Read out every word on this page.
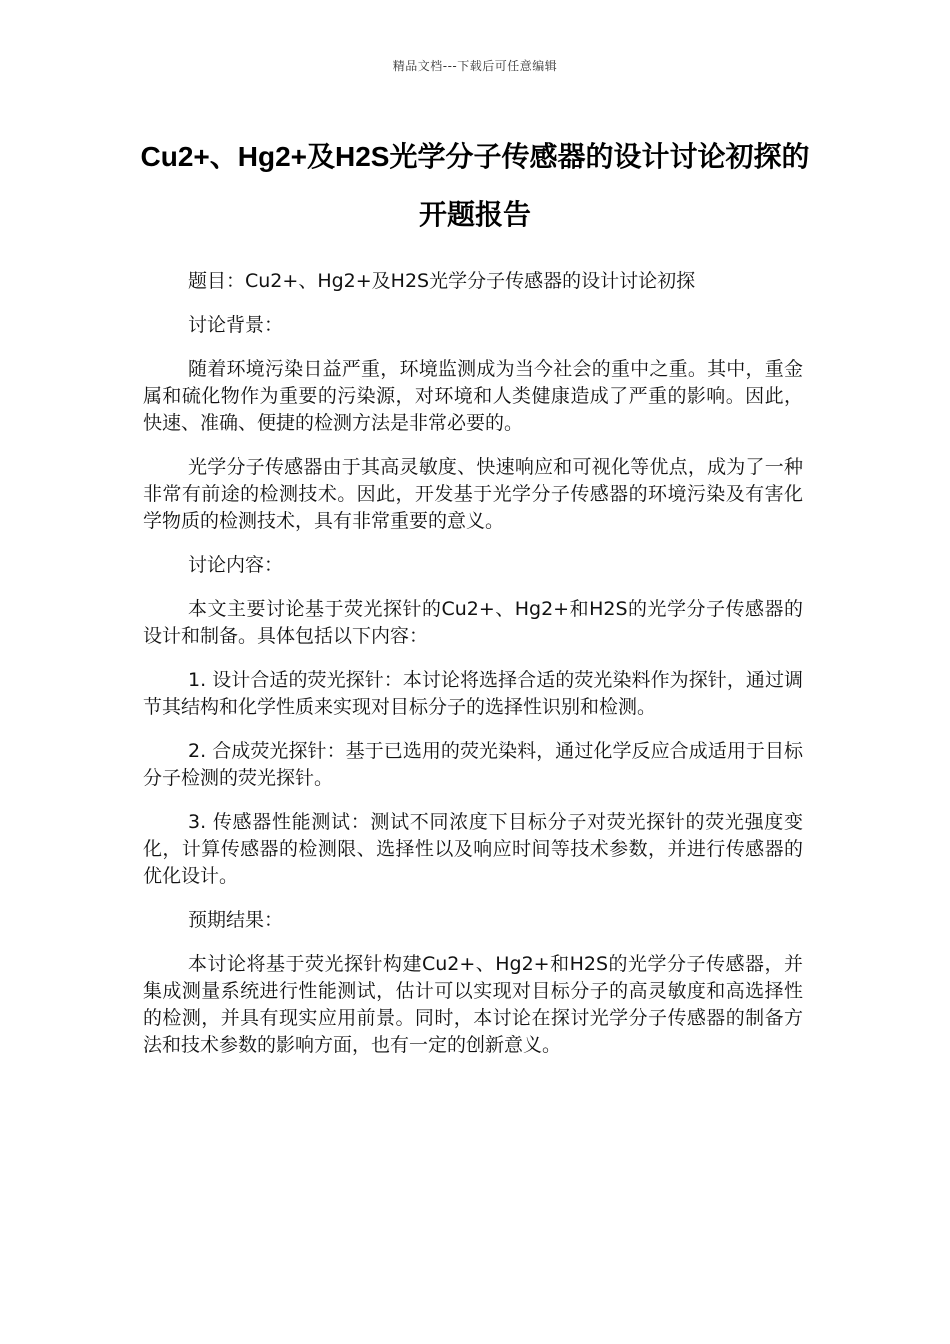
精品文档---下载后可任意编辑
Cu2+、Hg2+及H2S光学分子传感器的设计讨论初探的开题报告

题目：Cu2+、Hg2+及H2S光学分子传感器的设计讨论初探

讨论背景：

随着环境污染日益严重，环境监测成为当今社会的重中之重。其中，重金属和硫化物作为重要的污染源，对环境和人类健康造成了严重的影响。因此，快速、准确、便捷的检测方法是非常必要的。

光学分子传感器由于其高灵敏度、快速响应和可视化等优点，成为了一种非常有前途的检测技术。因此，开发基于光学分子传感器的环境污染及有害化学物质的检测技术，具有非常重要的意义。

讨论内容：

本文主要讨论基于荧光探针的Cu2+、Hg2+和H2S的光学分子传感器的设计和制备。具体包括以下内容：

1. 设计合适的荧光探针：本讨论将选择合适的荧光染料作为探针，通过调节其结构和化学性质来实现对目标分子的选择性识别和检测。

2. 合成荧光探针：基于已选用的荧光染料，通过化学反应合成适用于目标分子检测的荧光探针。

3. 传感器性能测试：测试不同浓度下目标分子对荧光探针的荧光强度变化，计算传感器的检测限、选择性以及响应时间等技术参数，并进行传感器的优化设计。

预期结果：

本讨论将基于荧光探针构建Cu2+、Hg2+和H2S的光学分子传感器，并集成测量系统进行性能测试，估计可以实现对目标分子的高灵敏度和高选择性的检测，并具有现实应用前景。同时，本讨论在探讨光学分子传感器的制备方法和技术参数的影响方面，也有一定的创新意义。
